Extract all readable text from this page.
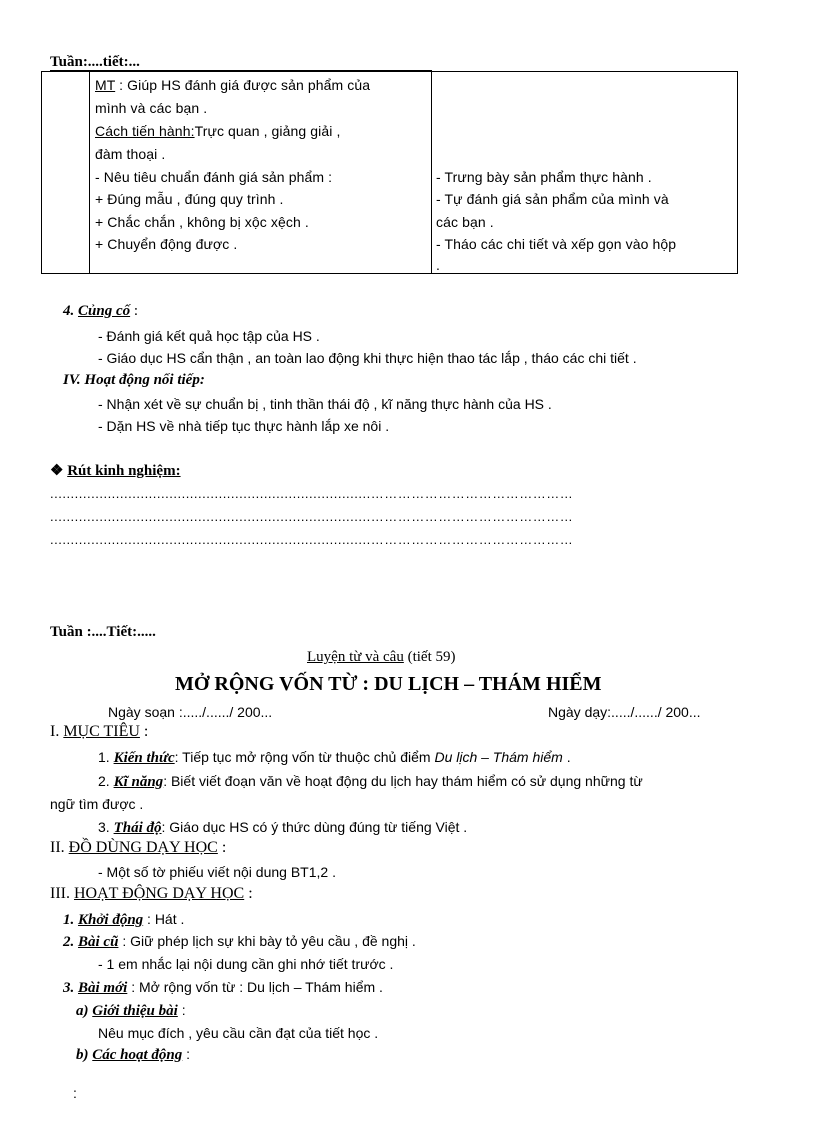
Tuần:....tiết:...
MT : Giúp HS đánh giá được sản phẩm của
mình và các bạn .
Cách tiến hành:Trực quan , giảng giải ,
đàm thoại .
- Nêu tiêu chuẩn đánh giá sản phẩm :
+ Đúng mẫu , đúng quy trình .
+ Chắc chắn , không bị xộc xệch .
+ Chuyển động được .
- Trưng bày sản phẩm thực hành .
- Tự đánh giá sản phẩm của mình và
các bạn .
- Tháo các chi tiết và xếp gọn vào hộp
.
4. Củng cố :
- Đánh giá kết quả học tập của HS .
- Giáo dục HS cẩn thận , an toàn lao động khi thực hiện thao tác lắp , tháo các chi tiết .
IV. Hoạt động nối tiếp:
- Nhận xét về sự chuẩn bị , tinh thần thái độ , kĩ năng thực hành của HS .
- Dặn HS về nhà tiếp tục thực hành lắp xe nôi .
❖ Rút kinh nghiệm:
..............................................................................………………………………………
..............................................................................………………………………………
..............................................................................………………………………………
Tuần :....Tiết:.....
Luyện từ và câu (tiết 59)
MỞ RỘNG VỐN TỪ : DU LỊCH – THÁM HIỂM
Ngày soạn :...../....../ 200...	Ngày dạy:...../....../ 200...
I. MỤC TIÊU :
1. Kiến thức: Tiếp tục mở rộng vốn từ thuộc chủ điểm Du lịch – Thám hiểm .
2. Kĩ năng: Biết viết đoạn văn về hoạt động du lịch hay thám hiểm có sử dụng những từ
ngữ tìm được .
3. Thái độ: Giáo dục HS có ý thức dùng đúng từ tiếng Việt .
II. ĐỒ DÙNG DẠY HỌC :
- Một số tờ phiếu viết nội dung BT1,2 .
III. HOẠT ĐỘNG DẠY HỌC :
1. Khởi động : Hát .
2. Bài cũ : Giữ phép lịch sự khi bày tỏ yêu cầu , đề nghị .
- 1 em nhắc lại nội dung cần ghi nhớ tiết trước .
3. Bài mới : Mở rộng vốn từ : Du lịch – Thám hiểm .
a) Giới thiệu bài :
Nêu mục đích , yêu cầu cần đạt của tiết học .
b) Các hoạt động :
:
